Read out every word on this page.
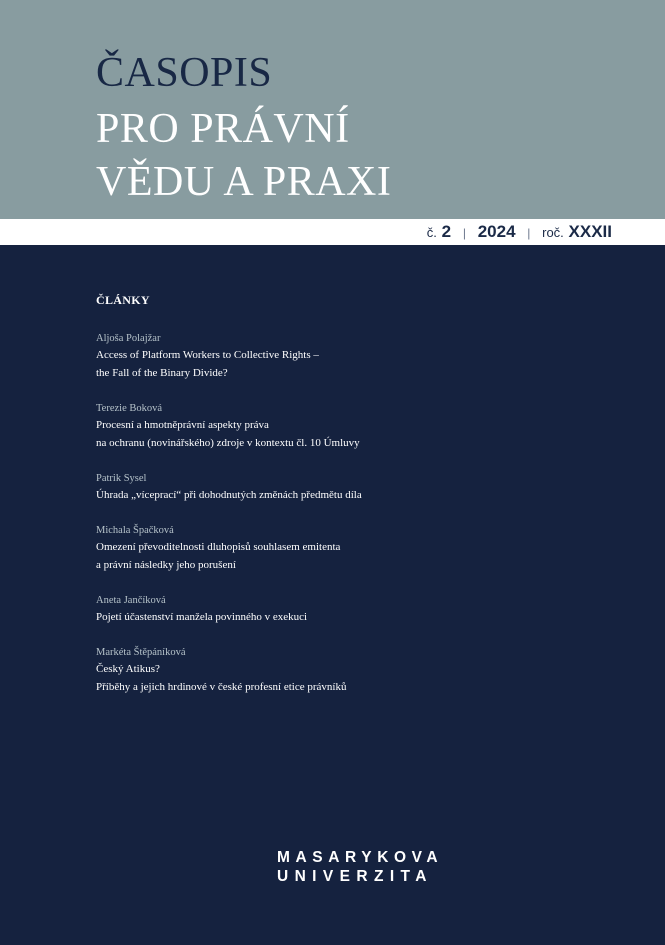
ČASOPIS
PRO PRÁVNÍ
VĚDU A PRAXI
č. 2 | 2024 | roč. XXXII
ČLÁNKY
Aljoša Polajžar
Access of Platform Workers to Collective Rights –
the Fall of the Binary Divide?
Terezie Boková
Procesní a hmotněprávní aspekty práva
na ochranu (novinářského) zdroje v kontextu čl. 10 Úmluvy
Patrik Sysel
Úhrada „víceprací“ při dohodnutých změnách předmětu díla
Michala Špačková
Omezení převoditelnosti dluhopisů souhlasem emitenta
a právní následky jeho porušení
Aneta Jančíková
Pojetí účastenství manžela povinného v exekuci
Markéta Štěpáníková
Český Atikus?
Příběhy a jejich hrdinové v české profesní etice právníků
MASARYKOVA
UNIVERZITA
